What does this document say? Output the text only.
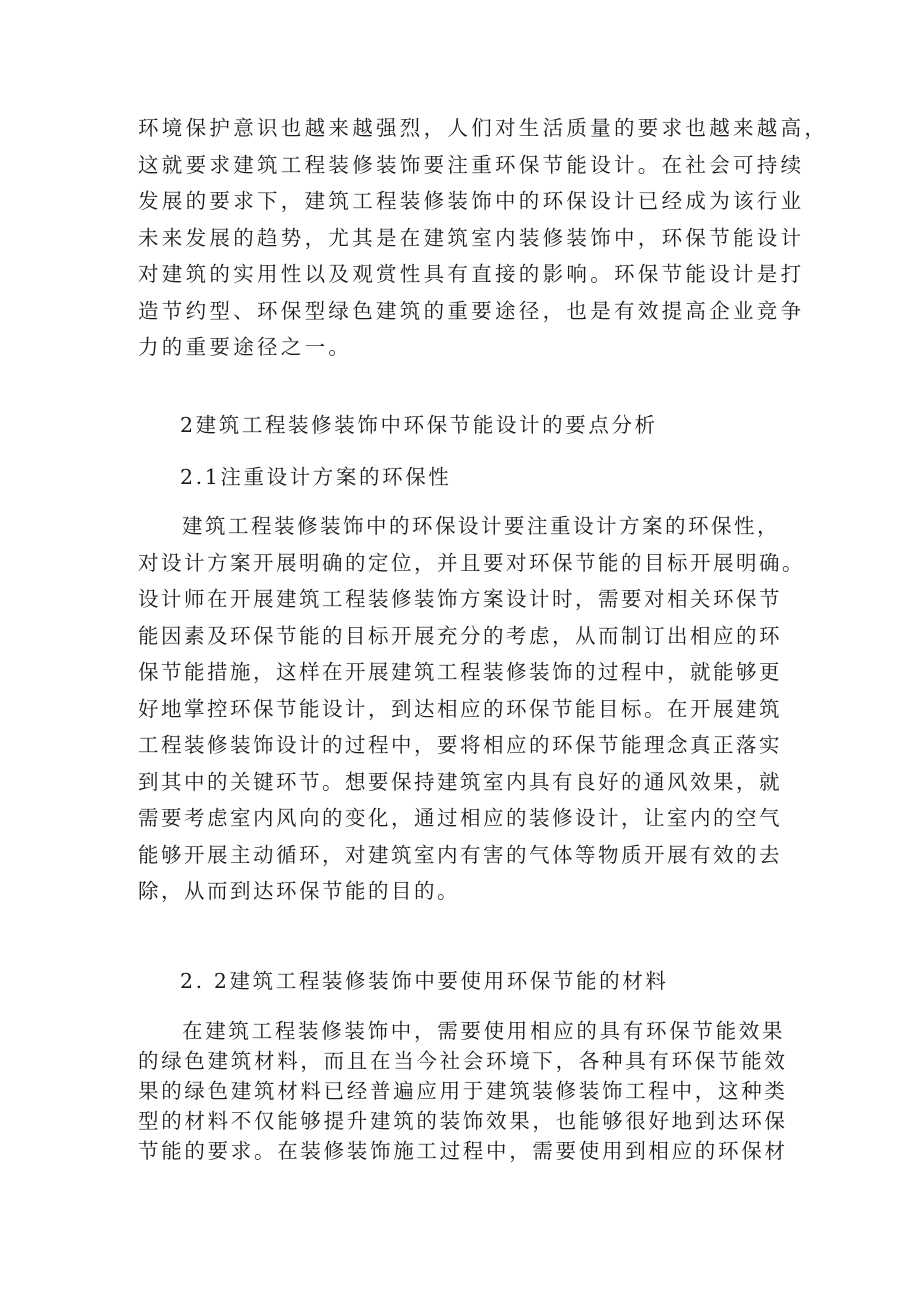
环境保护意识也越来越强烈，人们对生活质量的要求也越来越高，
这就要求建筑工程装修装饰要注重环保节能设计。在社会可持续
发展的要求下，建筑工程装修装饰中的环保设计已经成为该行业
未来发展的趋势，尤其是在建筑室内装修装饰中，环保节能设计
对建筑的实用性以及观赏性具有直接的影响。环保节能设计是打
造节约型、环保型绿色建筑的重要途径，也是有效提高企业竞争
力的重要途径之一。
2建筑工程装修装饰中环保节能设计的要点分析
2.1注重设计方案的环保性
建筑工程装修装饰中的环保设计要注重设计方案的环保性，
对设计方案开展明确的定位，并且要对环保节能的目标开展明确。
设计师在开展建筑工程装修装饰方案设计时，需要对相关环保节
能因素及环保节能的目标开展充分的考虑，从而制订出相应的环
保节能措施，这样在开展建筑工程装修装饰的过程中，就能够更
好地掌控环保节能设计，到达相应的环保节能目标。在开展建筑
工程装修装饰设计的过程中，要将相应的环保节能理念真正落实
到其中的关键环节。想要保持建筑室内具有良好的通风效果，就
需要考虑室内风向的变化，通过相应的装修设计，让室内的空气
能够开展主动循环，对建筑室内有害的气体等物质开展有效的去
除，从而到达环保节能的目的。
2. 2建筑工程装修装饰中要使用环保节能的材料
在建筑工程装修装饰中，需要使用相应的具有环保节能效果
的绿色建筑材料，而且在当今社会环境下，各种具有环保节能效
果的绿色建筑材料已经普遍应用于建筑装修装饰工程中，这种类
型的材料不仅能够提升建筑的装饰效果，也能够很好地到达环保
节能的要求。在装修装饰施工过程中，需要使用到相应的环保材
